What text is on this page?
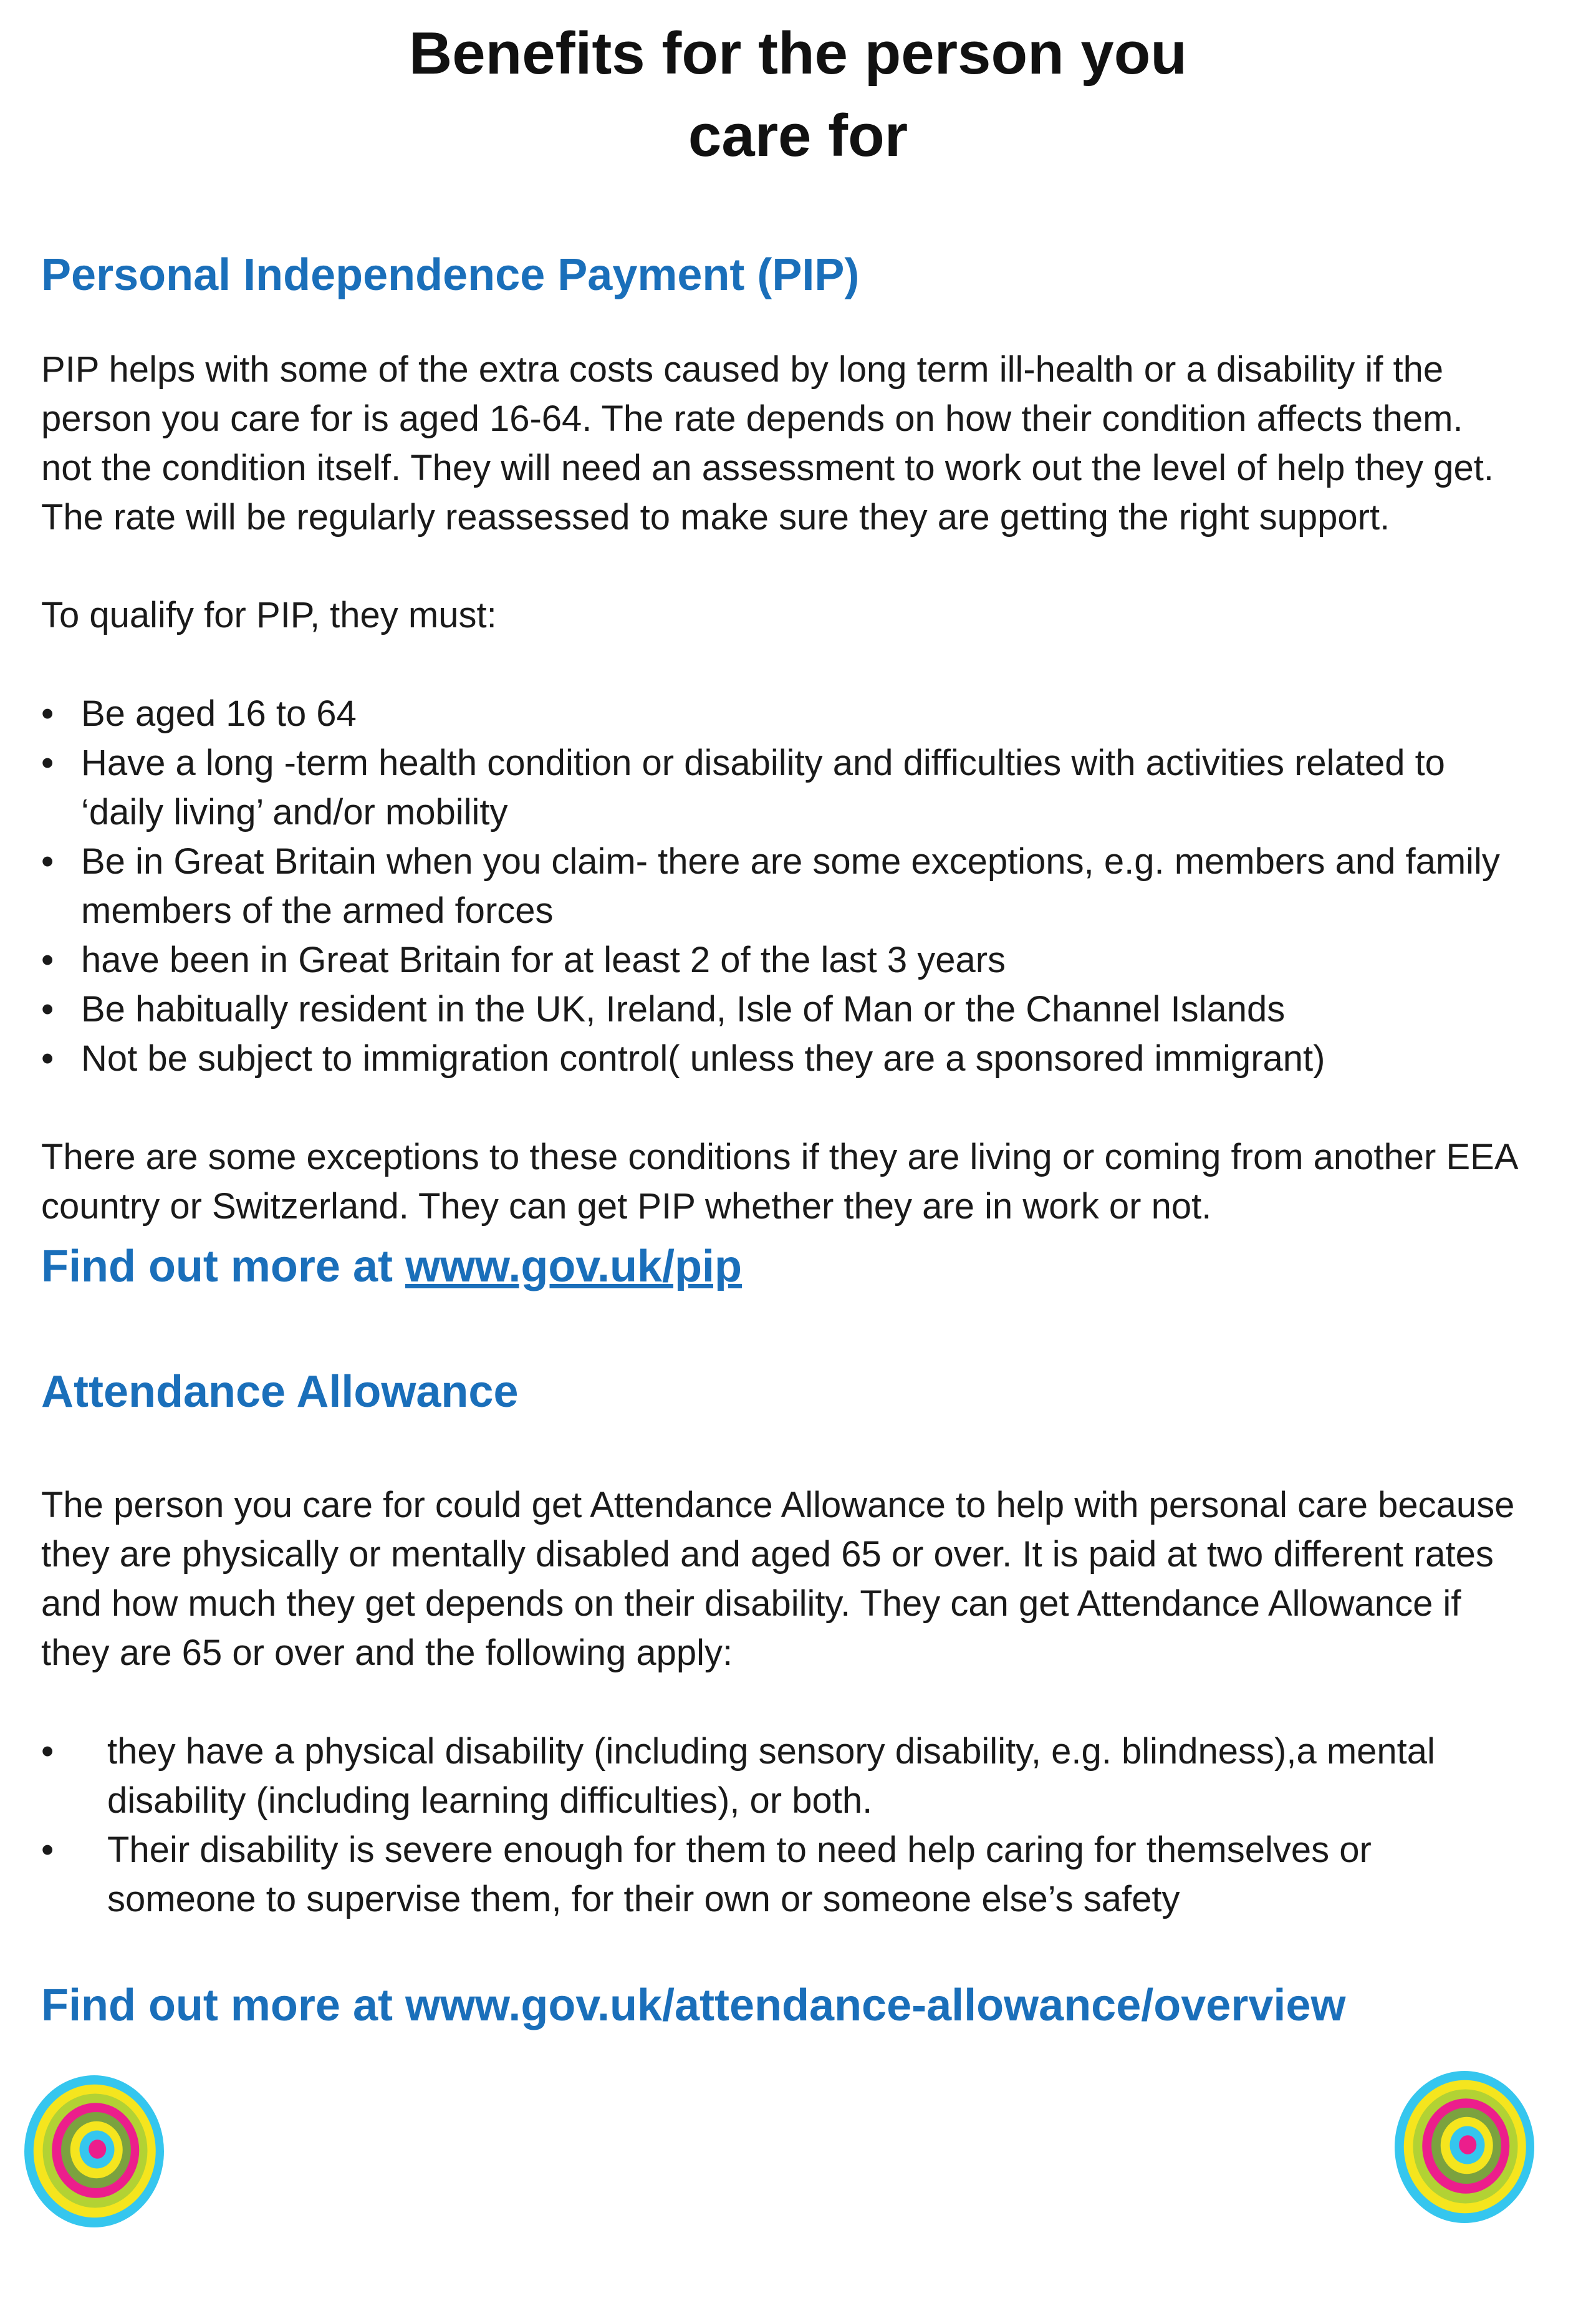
Benefits for the person you
care for
Personal Independence Payment (PIP)
PIP helps with some of the extra costs caused by long term ill-health or a disability if the
person you care for is aged 16-64. The rate depends on how their condition affects them.
not the condition itself. They will need an assessment to work out the level of help they get.
The rate will be regularly reassessed to make sure they are getting the right support.
To qualify for PIP, they must:
• Be aged 16 to 64
• Have a long -term health condition or disability and difficulties with activities related to
‘daily living’ and/or mobility
• Be in Great Britain when you claim- there are some exceptions, e.g. members and family
members of the armed forces
• have been in Great Britain for at least 2 of the last 3 years
• Be habitually resident in the UK, Ireland, Isle of Man or the Channel Islands
• Not be subject to immigration control( unless they are a sponsored immigrant)
There are some exceptions to these conditions if they are living or coming from another EEA
country or Switzerland. They can get PIP whether they are in work or not.
Find out more at www.gov.uk/pip
Attendance Allowance
The person you care for could get Attendance Allowance to help with personal care because
they are physically or mentally disabled and aged 65 or over. It is paid at two different rates
and how much they get depends on their disability. They can get Attendance Allowance if
they are 65 or over and the following apply:
• they have a physical disability (including sensory disability, e.g. blindness),a mental
disability (including learning difficulties), or both.
• Their disability is severe enough for them to need help caring for themselves or
someone to supervise them, for their own or someone else’s safety
Find out more at www.gov.uk/attendance-allowance/overview
